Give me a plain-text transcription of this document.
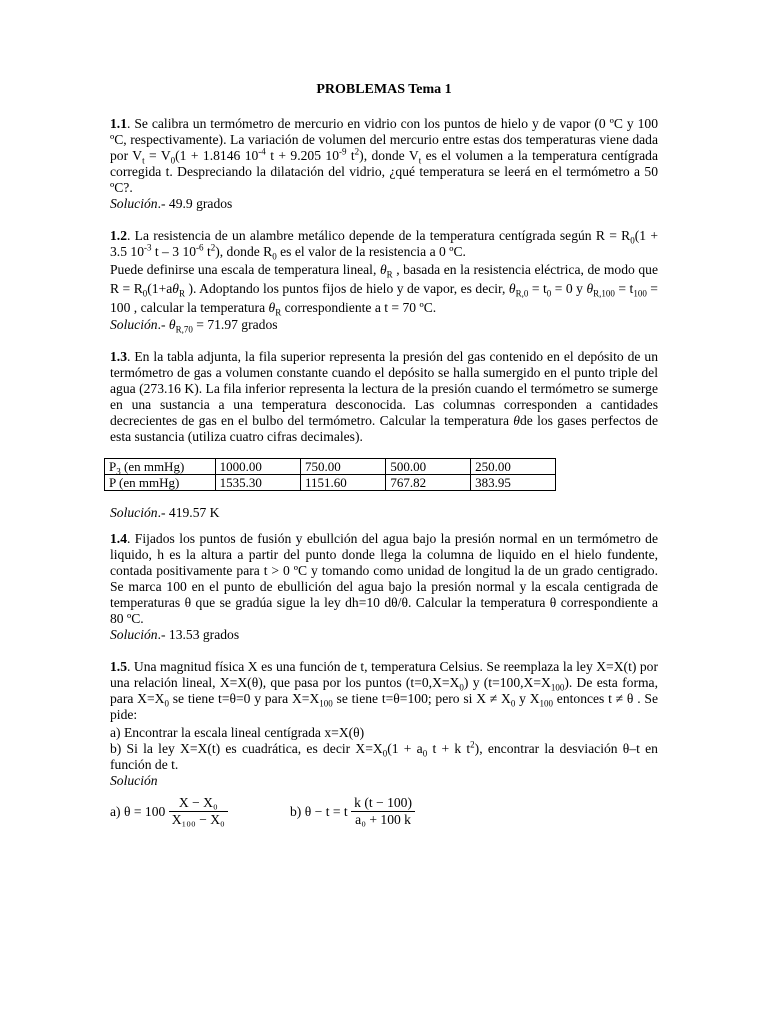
PROBLEMAS Tema 1

1.1. Se calibra un termómetro de mercurio en vidrio con los puntos de hielo y de vapor (0 ºC y 100 ºC, respectivamente). La variación de volumen del mercurio entre estas dos temperaturas viene dada por $V_t = V_0(1 + 1.8146$ $10^{-4}$ t + 9.205 $10^{-9}$ $t^2$), donde $V_t$ es el volumen a la temperatura centígrada corregida t. Despreciando la dilatación del vidrio, ¿qué temperatura se leerá en el termómetro a 50 ºC?.

Solución.- 49.9 grados

1.2. La resistencia de un alambre metálico depende de la temperatura centígrada según $R = R_0(1 + 3.5$ $10^{-3}$ t – 3 $10^{-6}$ $t^2$), donde $R_0$ es el valor de la resistencia a 0 ºC.

Puede definirse una escala de temperatura lineal, $\theta_R$ , basada en la resistencia eléctrica, de modo que $R = R_0(1+a\theta_R$ ). Adoptando los puntos fijos de hielo y de vapor, es decir, $\theta_{R,0} = t_0 = 0$ y $\theta_{R,100} = t_{100} = 100$ , calcular la temperatura $\theta_R$ correspondiente a t = 70 ºC.

Solución.- $\theta_{R,70} = 71.97$ grados

1.3. En la tabla adjunta, la fila superior representa la presión del gas contenido en el depósito de un termómetro de gas a volumen constante cuando el depósito se halla sumergido en el punto triple del agua (273.16 K). La fila inferior representa la lectura de la presión cuando el termómetro se sumerge en una sustancia a una temperatura desconocida. Las columnas corresponden a cantidades decrecientes de gas en el bulbo del termómetro. Calcular la temperatura θde los gases perfectos de esta sustancia (utiliza cuatro cifras decimales).

$P_3$ (en mmHg)	1000.00	750.00	500.00	250.00
P (en mmHg)	1535.30	1151.60	767.82	383.95

Solución.- 419.57 K

1.4. Fijados los puntos de fusión y ebullción del agua bajo la presión normal en un termómetro de liquido, h es la altura a partir del punto donde llega la columna de liquido en el hielo fundente, contada positivamente para t > 0 ºC y tomando como unidad de longitud la de un grado centigrado. Se marca 100 en el punto de ebullición del agua bajo la presión normal y la escala centigrada de temperaturas θ que se gradúa sigue la ley dh=10 dθ/θ. Calcular la temperatura θ correspondiente a 80 ºC.

Solución.- 13.53 grados

1.5. Una magnitud física X es una función de t, temperatura Celsius. Se reemplaza la ley X=X(t) por una relación lineal, X=X(θ), que pasa por los puntos $(t=0,X=X_0)$ y $(t=100,X=X_{100})$. De esta forma, para $X=X_0$ se tiene t=θ=0 y para $X=X_{100}$ se tiene t=θ=100; pero si $X \ne X_0$ y $X_{100}$ entonces t ≠ θ . Se pide:

a) Encontrar la escala lineal centígrada x=X(θ)

b) Si la ley X=X(t) es cuadrática, es decir $X=X_0(1 + a_0$ t + k $t^2$), encontrar la desviación θ–t en función de t.

Solución

a) $\theta = 100 \frac{\text{X − X₀}}{\text{X₁₀₀ − X₀}}$	b) θ − t = t $\frac{k (t - 100)}{\text{a₀ + 100 k}}$
